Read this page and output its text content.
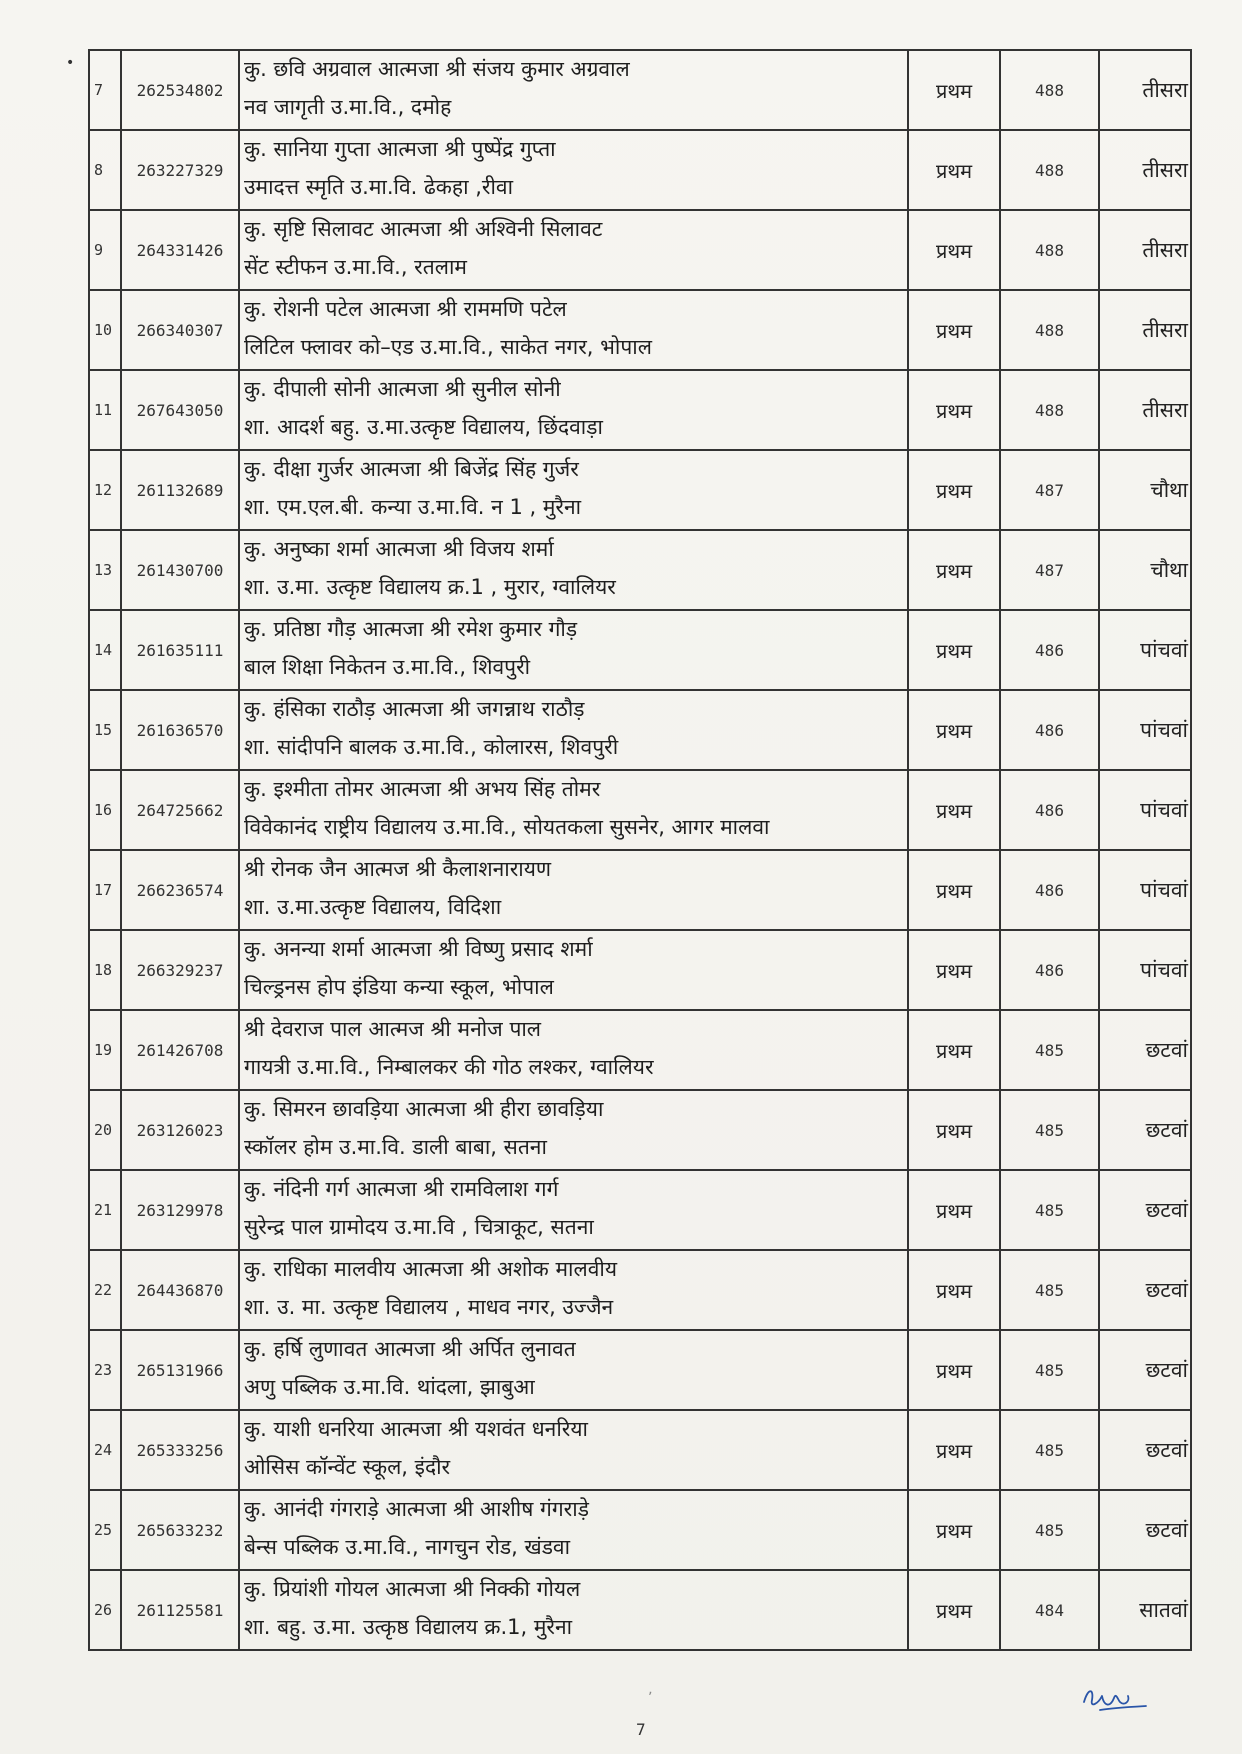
•
7	262534802	कु. छवि अग्रवाल आत्मजा श्री संजय कुमार अग्रवाल
नव जागृती उ.मा.वि., दमोह	प्रथम	488	तीसरा
8	263227329	कु. सानिया गुप्ता आत्मजा श्री पुष्पेंद्र गुप्ता
उमादत्त स्मृति उ.मा.वि. ढेकहा ,रीवा	प्रथम	488	तीसरा
9	264331426	कु. सृष्टि सिलावट आत्मजा श्री अश्विनी सिलावट
सेंट स्टीफन उ.मा.वि., रतलाम	प्रथम	488	तीसरा
10	266340307	कु. रोशनी पटेल आत्मजा श्री राममणि पटेल
लिटिल फ्लावर को–एड उ.मा.वि., साकेत नगर, भोपाल	प्रथम	488	तीसरा
11	267643050	कु. दीपाली सोनी आत्मजा श्री सुनील सोनी
शा. आदर्श बहु. उ.मा.उत्कृष्ट विद्यालय, छिंदवाड़ा	प्रथम	488	तीसरा
12	261132689	कु. दीक्षा गुर्जर आत्मजा श्री बिजेंद्र सिंह गुर्जर
शा. एम.एल.बी. कन्या उ.मा.वि. न 1 , मुरैना	प्रथम	487	चौथा
13	261430700	कु. अनुष्का शर्मा आत्मजा श्री विजय शर्मा
शा. उ.मा. उत्कृष्ट विद्यालय क्र.1 , मुरार, ग्वालियर	प्रथम	487	चौथा
14	261635111	कु. प्रतिष्ठा गौड़ आत्मजा श्री रमेश कुमार गौड़
बाल शिक्षा निकेतन उ.मा.वि., शिवपुरी	प्रथम	486	पांचवां
15	261636570	कु. हंसिका राठौड़ आत्मजा श्री जगन्नाथ राठौड़
शा. सांदीपनि बालक उ.मा.वि., कोलारस, शिवपुरी	प्रथम	486	पांचवां
16	264725662	कु. इश्मीता तोमर आत्मजा श्री अभय सिंह तोमर
विवेकानंद राष्ट्रीय विद्यालय उ.मा.वि., सोयतकला सुसनेर, आगर मालवा	प्रथम	486	पांचवां
17	266236574	श्री रोनक जैन आत्मज श्री कैलाशनारायण
शा. उ.मा.उत्कृष्ट विद्यालय, विदिशा	प्रथम	486	पांचवां
18	266329237	कु. अनन्या शर्मा आत्मजा श्री विष्णु प्रसाद शर्मा
चिल्ड्रनस होप इंडिया कन्या स्कूल, भोपाल	प्रथम	486	पांचवां
19	261426708	श्री देवराज पाल आत्मज श्री मनोज पाल
गायत्री उ.मा.वि., निम्बालकर की गोठ लश्कर, ग्वालियर	प्रथम	485	छटवां
20	263126023	कु. सिमरन छावड़िया आत्मजा श्री हीरा छावड़िया
स्कॉलर होम उ.मा.वि. डाली बाबा, सतना	प्रथम	485	छटवां
21	263129978	कु. नंदिनी गर्ग आत्मजा श्री रामविलाश गर्ग
सुरेन्द्र पाल ग्रामोदय उ.मा.वि , चित्राकूट, सतना	प्रथम	485	छटवां
22	264436870	कु. राधिका मालवीय आत्मजा श्री अशोक मालवीय
शा. उ. मा. उत्कृष्ट विद्यालय , माधव नगर, उज्जैन	प्रथम	485	छटवां
23	265131966	कु. हर्षि लुणावत आत्मजा श्री अर्पित लुनावत
अणु पब्लिक उ.मा.वि. थांदला, झाबुआ	प्रथम	485	छटवां
24	265333256	कु. याशी धनरिया आत्मजा श्री यशवंत धनरिया
ओसिस कॉन्वेंट स्कूल, इंदौर	प्रथम	485	छटवां
25	265633232	कु. आनंदी गंगराड़े आत्मजा श्री आशीष गंगराड़े
बेन्स पब्लिक उ.मा.वि., नागचुन रोड, खंडवा	प्रथम	485	छटवां
26	261125581	कु. प्रियांशी गोयल आत्मजा श्री निक्की गोयल
शा. बहु. उ.मा. उत्कृष्ठ विद्यालय क्र.1, मुरैना	प्रथम	484	सातवां
ʼ
7
